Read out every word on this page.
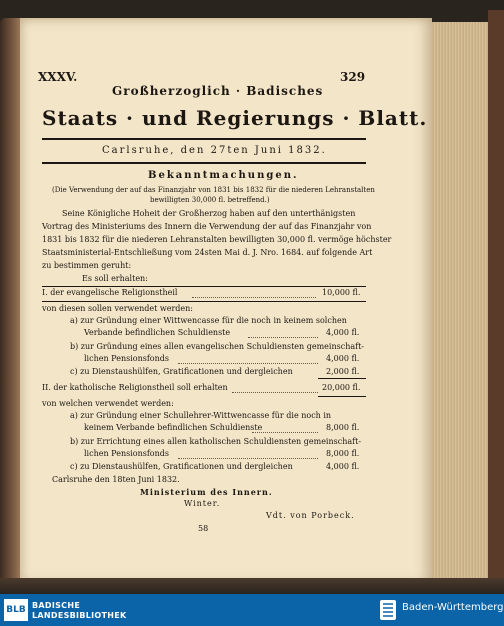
XXXV.	329
Großherzoglich · Badisches
Staats · und Regierungs · Blatt.
Carlsruhe, den 27ten Juni 1832.
Bekanntmachungen.
(Die Verwendung der auf das Finanzjahr von 1831 bis 1832 für die niederen Lehranstalten
bewilligten 30,000 fl. betreffend.)
Seine Königliche Hoheit der Großherzog haben auf den unterthänigsten
Vortrag des Ministeriums des Innern die Verwendung der auf das Finanzjahr von
1831 bis 1832 für die niederen Lehranstalten bewilligten 30,000 fl. vermöge höchster
Staatsministerial-Entschließung vom 24sten Mai d. J. Nro. 1684. auf folgende Art
zu bestimmen geruht:
Es soll erhalten:
I. der evangelische Religionstheil	10,000 fl.
von diesen sollen verwendet werden:
a) zur Gründung einer Wittwencasse für die noch in keinem solchen
Verbande befindlichen Schuldienste	4,000 fl.
b) zur Gründung eines allen evangelischen Schuldiensten gemeinschaft-
lichen Pensionsfonds	4,000 fl.
c) zu Dienstaushülfen, Gratificationen und dergleichen	2,000 fl.
II. der katholische Religionstheil soll erhalten	20,000 fl.
von welchen verwendet werden:
a) zur Gründung einer Schullehrer-Wittwencasse für die noch in
keinem Verbande befindlichen Schuldienste	8,000 fl.
b) zur Errichtung eines allen katholischen Schuldiensten gemeinschaft-
lichen Pensionsfonds	8,000 fl.
c) zu Dienstaushülfen, Gratificationen und dergleichen	4,000 fl.
Carlsruhe den 18ten Juni 1832.
Ministerium des Innern.
Winter.
Vdt. von Porbeck.
58
BLB BADISCHE
LANDESBIBLIOTHEK
Baden-Württemberg
